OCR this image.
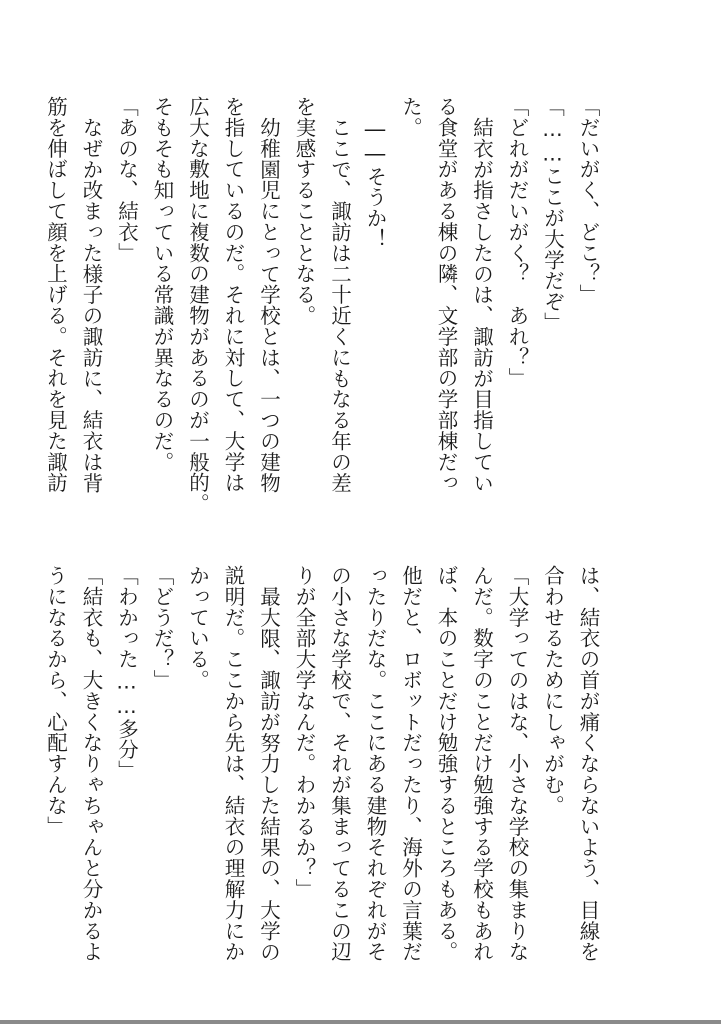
「だいがく、どこ？」
「……ここが大学だぞ」
「どれがだいがく？　あれ？」
結衣が指さしたのは、諏訪が目指してい
る食堂がある棟の隣、文学部の学部棟だっ
た。
――そうか！
ここで、諏訪は二十近くにもなる年の差
を実感することとなる。
幼稚園児にとって学校とは、一つの建物
を指しているのだ。それに対して、大学は
広大な敷地に複数の建物があるのが一般的。
そもそも知っている常識が異なるのだ。
「あのな、結衣」
なぜか改まった様子の諏訪に、結衣は背
筋を伸ばして顔を上げる。それを見た諏訪
は、結衣の首が痛くならないよう、目線を
合わせるためにしゃがむ。
「大学ってのはな、小さな学校の集まりな
んだ。数字のことだけ勉強する学校もあれ
ば、本のことだけ勉強するところもある。
他だと、ロボットだったり、海外の言葉だ
ったりだな。ここにある建物それぞれがそ
の小さな学校で、それが集まってるこの辺
りが全部大学なんだ。わかるか？」
最大限、諏訪が努力した結果の、大学の
説明だ。ここから先は、結衣の理解力にか
かっている。
「どうだ？」
「わかった……多分」
「結衣も、大きくなりゃちゃんと分かるよ
うになるから、心配すんな」
